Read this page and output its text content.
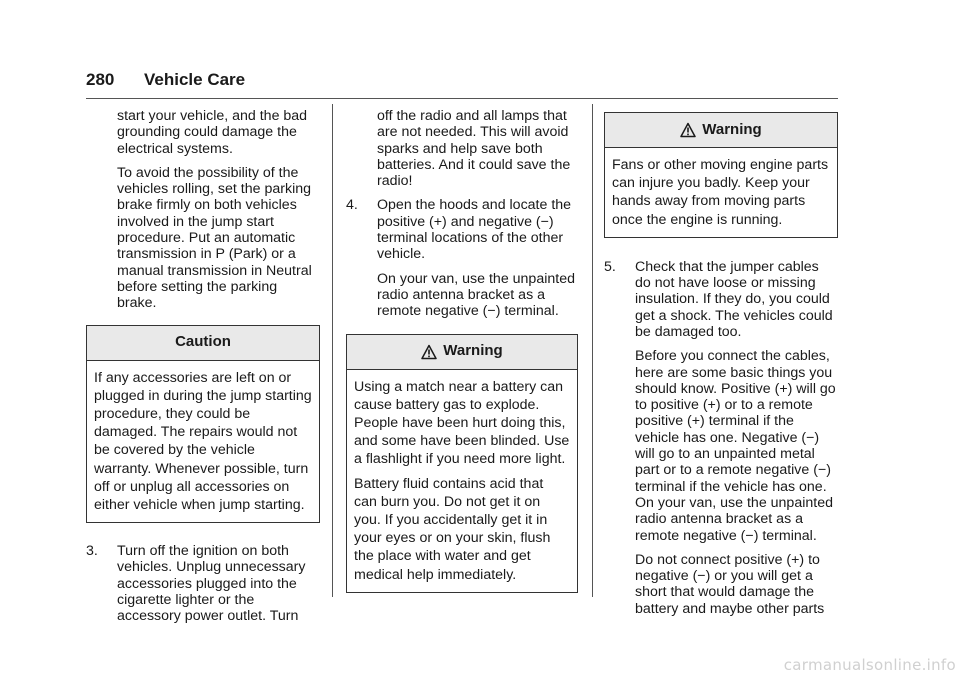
280 Vehicle Care

start your vehicle, and the bad grounding could damage the electrical systems.

To avoid the possibility of the vehicles rolling, set the parking brake firmly on both vehicles involved in the jump start procedure. Put an automatic transmission in P (Park) or a manual transmission in Neutral before setting the parking brake.

Caution

If any accessories are left on or plugged in during the jump starting procedure, they could be damaged. The repairs would not be covered by the vehicle warranty. Whenever possible, turn off or unplug all accessories on either vehicle when jump starting.

3.	Turn off the ignition on both vehicles. Unplug unnecessary accessories plugged into the cigarette lighter or the accessory power outlet. Turn

off the radio and all lamps that are not needed. This will avoid sparks and help save both batteries. And it could save the radio!

4.	Open the hoods and locate the positive (+) and negative (−) terminal locations of the other vehicle.

On your van, use the unpainted radio antenna bracket as a remote negative (−) terminal.

Warning

Using a match near a battery can cause battery gas to explode. People have been hurt doing this, and some have been blinded. Use a flashlight if you need more light.

Battery fluid contains acid that can burn you. Do not get it on you. If you accidentally get it in your eyes or on your skin, flush the place with water and get medical help immediately.

Warning

Fans or other moving engine parts can injure you badly. Keep your hands away from moving parts once the engine is running.

5.	Check that the jumper cables do not have loose or missing insulation. If they do, you could get a shock. The vehicles could be damaged too.

Before you connect the cables, here are some basic things you should know. Positive (+) will go to positive (+) or to a remote positive (+) terminal if the vehicle has one. Negative (−) will go to an unpainted metal part or to a remote negative (−) terminal if the vehicle has one. On your van, use the unpainted radio antenna bracket as a remote negative (−) terminal.

Do not connect positive (+) to negative (−) or you will get a short that would damage the battery and maybe other parts

carmanualsonline.info
